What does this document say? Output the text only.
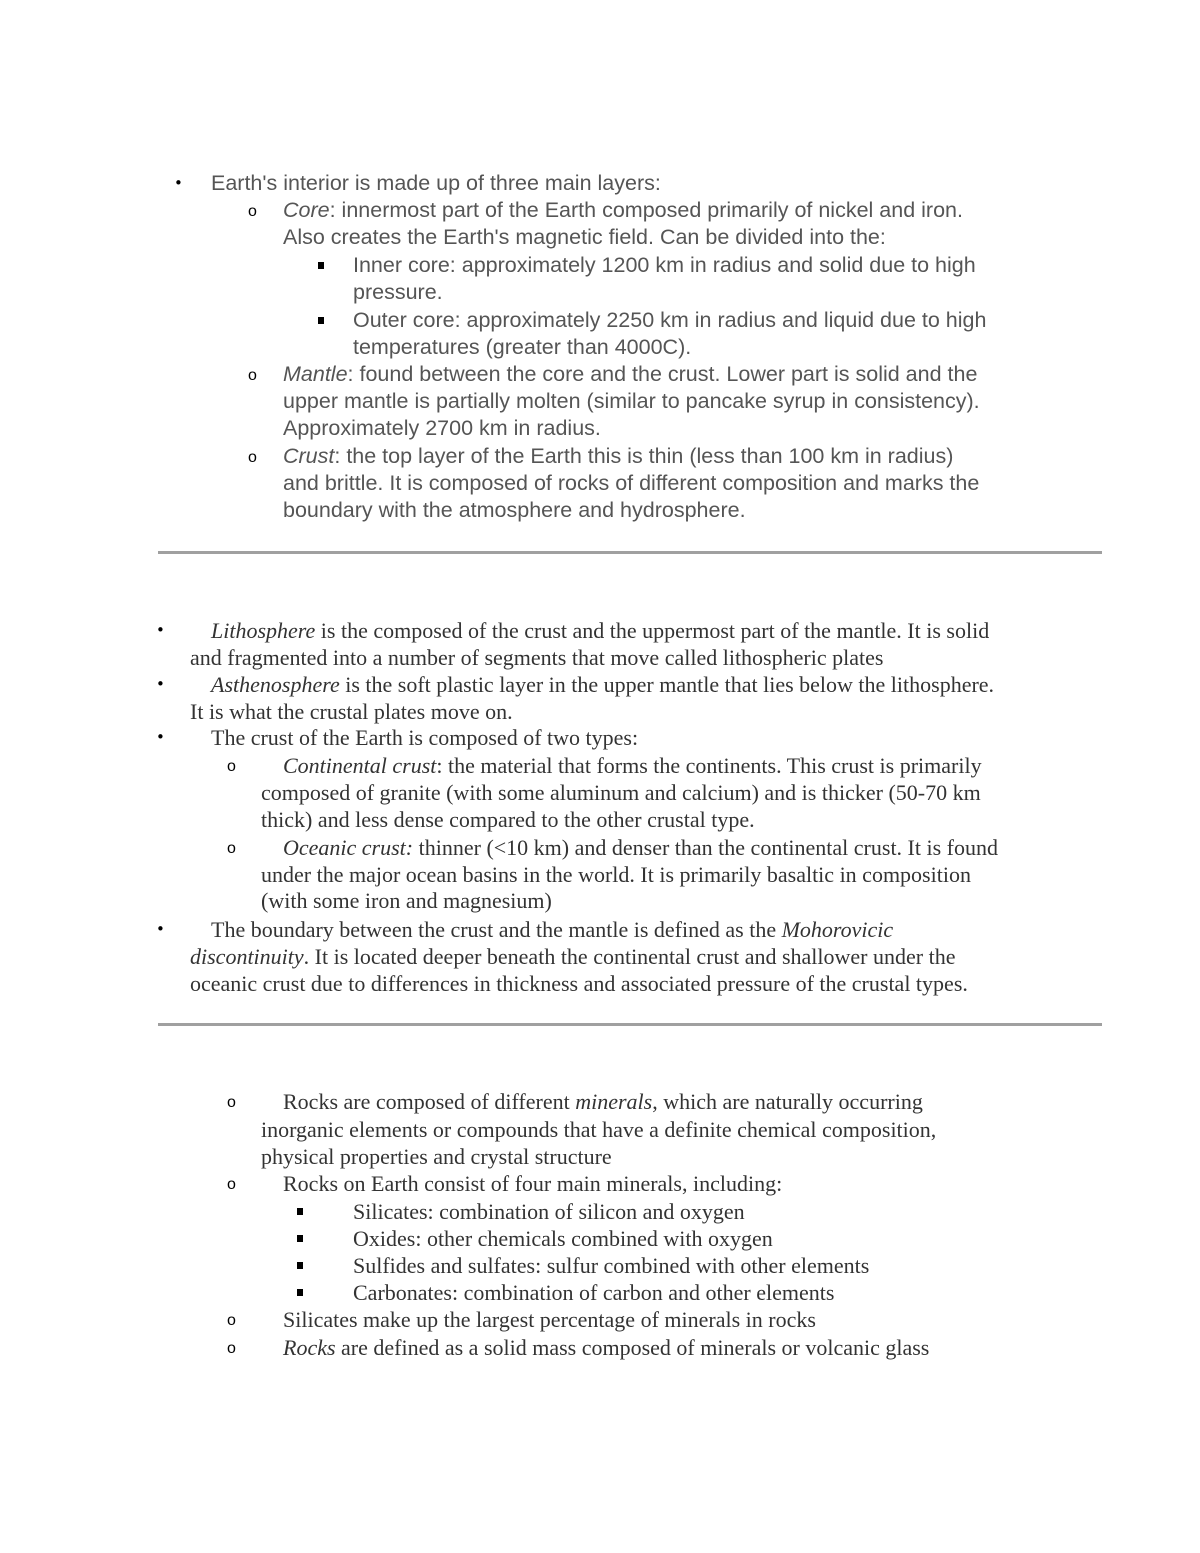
• Earth's interior is made up of three main layers:
o Core: innermost part of the Earth composed primarily of nickel and iron.
Also creates the Earth's magnetic field. Can be divided into the:
Inner core: approximately 1200 km in radius and solid due to high
pressure.
Outer core: approximately 2250 km in radius and liquid due to high
temperatures (greater than 4000C).
o Mantle: found between the core and the crust. Lower part is solid and the
upper mantle is partially molten (similar to pancake syrup in consistency).
Approximately 2700 km in radius.
o Crust: the top layer of the Earth this is thin (less than 100 km in radius)
and brittle. It is composed of rocks of different composition and marks the
boundary with the atmosphere and hydrosphere.
• Lithosphere is the composed of the crust and the uppermost part of the mantle. It is solid
and fragmented into a number of segments that move called lithospheric plates
• Asthenosphere is the soft plastic layer in the upper mantle that lies below the lithosphere.
It is what the crustal plates move on.
• The crust of the Earth is composed of two types:
o Continental crust: the material that forms the continents. This crust is primarily
composed of granite (with some aluminum and calcium) and is thicker (50-70 km
thick) and less dense compared to the other crustal type.
o Oceanic crust: thinner (<10 km) and denser than the continental crust. It is found
under the major ocean basins in the world. It is primarily basaltic in composition
(with some iron and magnesium)
• The boundary between the crust and the mantle is defined as the Mohorovicic
discontinuity. It is located deeper beneath the continental crust and shallower under the
oceanic crust due to differences in thickness and associated pressure of the crustal types.
o Rocks are composed of different minerals, which are naturally occurring
inorganic elements or compounds that have a definite chemical composition,
physical properties and crystal structure
o Rocks on Earth consist of four main minerals, including:
Silicates: combination of silicon and oxygen
Oxides: other chemicals combined with oxygen
Sulfides and sulfates: sulfur combined with other elements
Carbonates: combination of carbon and other elements
o Silicates make up the largest percentage of minerals in rocks
o Rocks are defined as a solid mass composed of minerals or volcanic glass
